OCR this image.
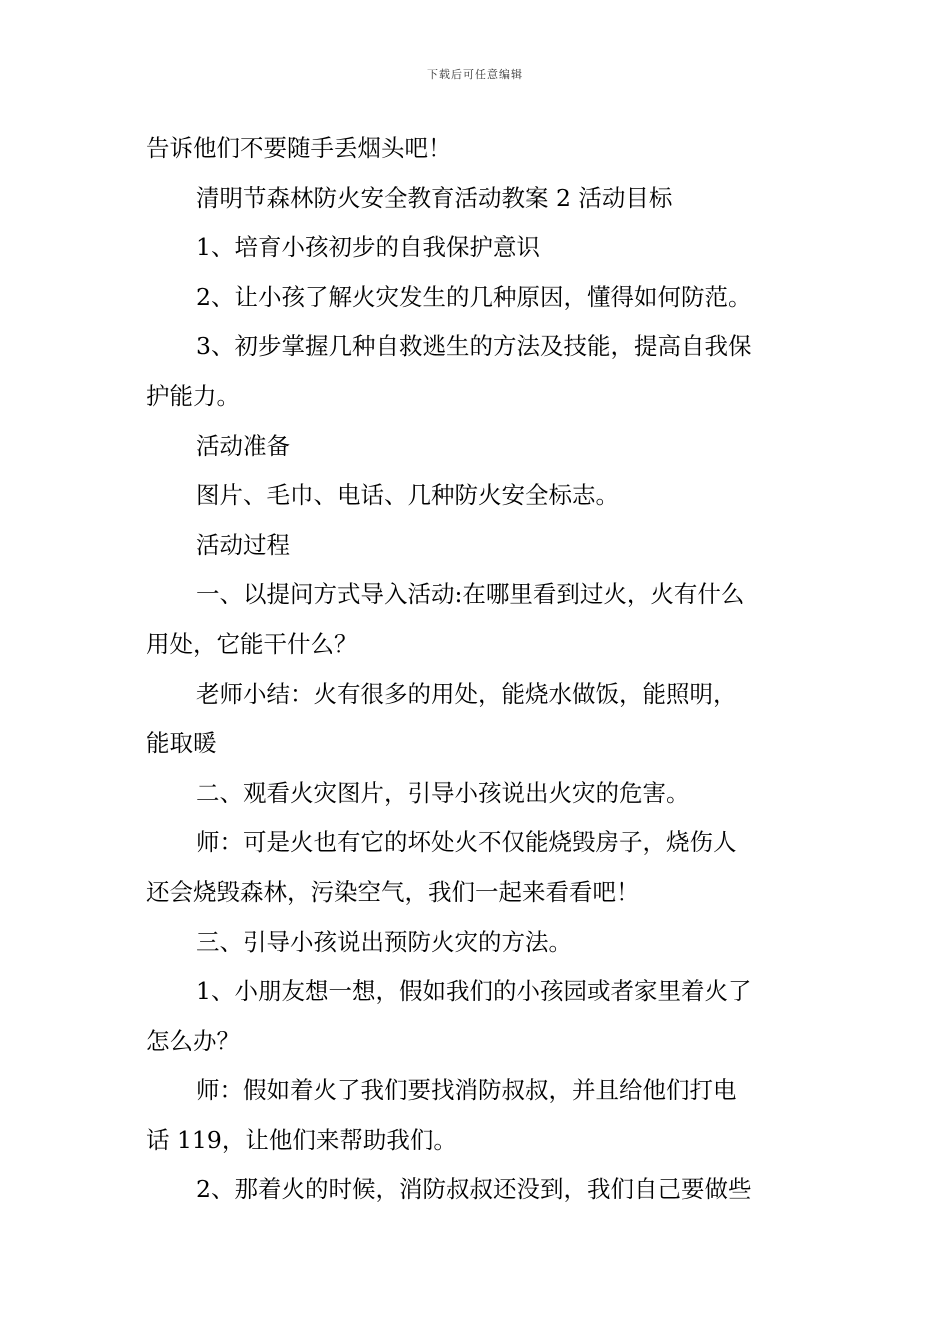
下载后可任意编辑
告诉他们不要随手丢烟头吧！
清明节森林防火安全教育活动教案 2 活动目标
1、培育小孩初步的自我保护意识
2、让小孩了解火灾发生的几种原因，懂得如何防范。
3、初步掌握几种自救逃生的方法及技能，提高自我保
护能力。
活动准备
图片、毛巾、电话、几种防火安全标志。
活动过程
一、以提问方式导入活动:在哪里看到过火，火有什么
用处，它能干什么？
老师小结：火有很多的用处，能烧水做饭，能照明，
能取暖
二、观看火灾图片，引导小孩说出火灾的危害。
师：可是火也有它的坏处火不仅能烧毁房子，烧伤人
还会烧毁森林，污染空气，我们一起来看看吧！
三、引导小孩说出预防火灾的方法。
1、小朋友想一想，假如我们的小孩园或者家里着火了
怎么办？
师：假如着火了我们要找消防叔叔，并且给他们打电
话 119，让他们来帮助我们。
2、那着火的时候，消防叔叔还没到，我们自己要做些
